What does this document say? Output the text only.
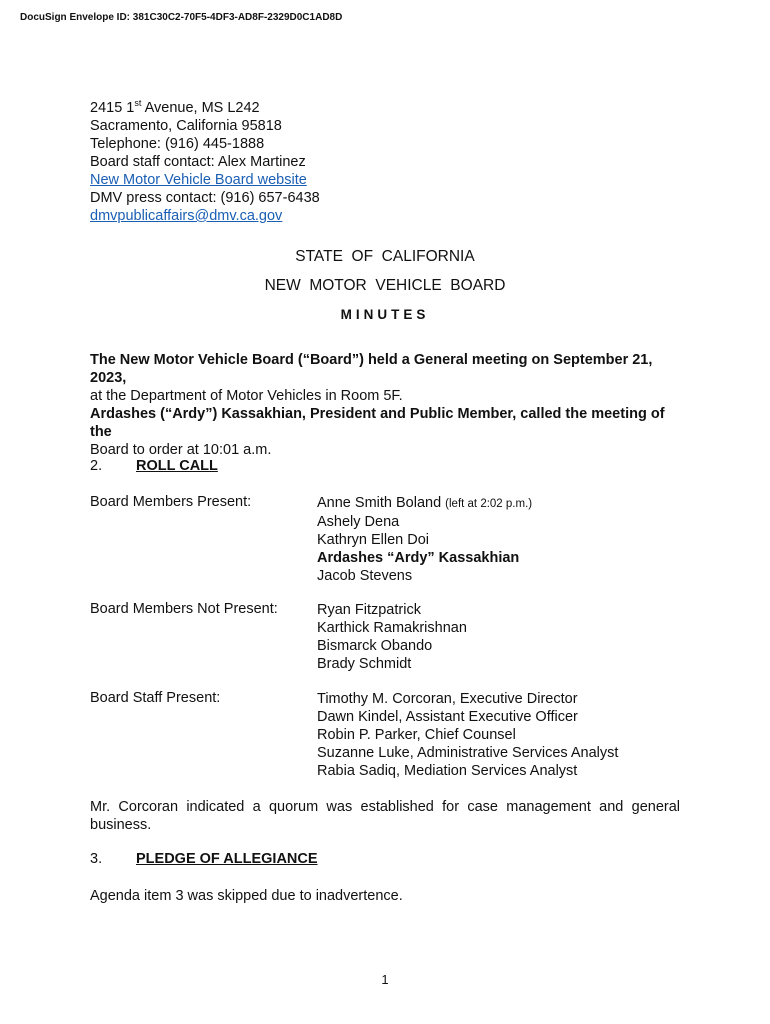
DocuSign Envelope ID: 381C30C2-70F5-4DF3-AD8F-2329D0C1AD8D
2415 1st Avenue, MS L242
Sacramento, California 95818
Telephone: (916) 445-1888
Board staff contact: Alex Martinez
New Motor Vehicle Board website
DMV press contact: (916) 657-6438
dmvpublicaffairs@dmv.ca.gov
STATE  OF  CALIFORNIA
NEW  MOTOR  VEHICLE  BOARD
MINUTES
The New Motor Vehicle Board (“Board”) held a General meeting on September 21, 2023,
at the Department of Motor Vehicles in Room 5F.
Ardashes (“Ardy”) Kassakhian, President and Public Member, called the meeting of the
Board to order at 10:01 a.m.
2. ROLL CALL
Board Members Present:	Anne Smith Boland (left at 2:02 p.m.)
Ashely Dena
Kathryn Ellen Doi
Ardashes “Ardy” Kassakhian
Jacob Stevens
Board Members Not Present:	Ryan Fitzpatrick
Karthick Ramakrishnan
Bismarck Obando
Brady Schmidt
Board Staff Present:	Timothy M. Corcoran, Executive Director
Dawn Kindel, Assistant Executive Officer
Robin P. Parker, Chief Counsel
Suzanne Luke, Administrative Services Analyst
Rabia Sadiq, Mediation Services Analyst
Mr. Corcoran indicated a quorum was established for case management and general business.
3. PLEDGE OF ALLEGIANCE
Agenda item 3 was skipped due to inadvertence.
1
